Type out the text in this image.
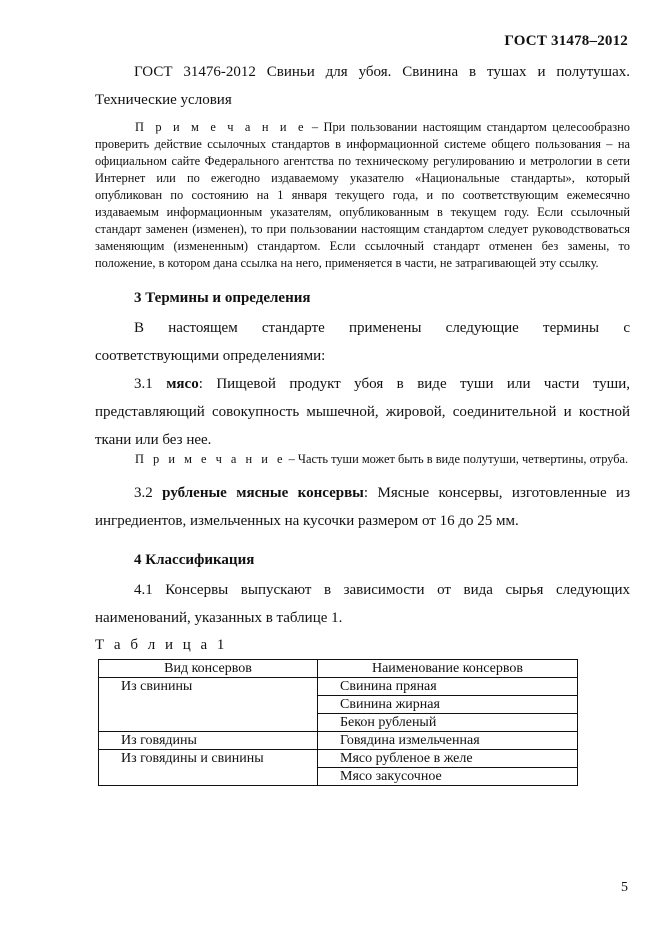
ГОСТ 31478–2012
ГОСТ 31476-2012 Свиньи для убоя. Свинина в тушах и полутушах. Технические условия
П р и м е ч а н и е – При пользовании настоящим стандартом целесообразно проверить действие ссылочных стандартов в информационной системе общего пользования – на официальном сайте Федерального агентства по техническому регулированию и метрологии в сети Интернет или по ежегодно издаваемому указателю «Национальные стандарты», который опубликован по состоянию на 1 января текущего года, и по соответствующим ежемесячно издаваемым информационным указателям, опубликованным в текущем году. Если ссылочный стандарт заменен (изменен), то при пользовании настоящим стандартом следует руководствоваться заменяющим (измененным) стандартом. Если ссылочный стандарт отменен без замены, то положение, в котором дана ссылка на него, применяется в части, не затрагивающей эту ссылку.
3 Термины и определения
В настоящем стандарте применены следующие термины с соответствующими определениями:
3.1 мясо: Пищевой продукт убоя в виде туши или части туши, представляющий совокупность мышечной, жировой, соединительной и костной ткани или без нее.
П р и м е ч а н и е – Часть туши может быть в виде полутуши, четвертины, отруба.
3.2 рубленые мясные консервы: Мясные консервы, изготовленные из ингредиентов, измельченных на кусочки размером от 16 до 25 мм.
4 Классификация
4.1 Консервы выпускают в зависимости от вида сырья следующих наименований, указанных в таблице 1.
Т а б л и ц а 1
Вид консервов	Наименование консервов
Из свинины	Свинина пряная
	Свинина жирная
	Бекон рубленый
Из говядины	Говядина измельченная
Из говядины и свинины	Мясо рубленое в желе
	Мясо закусочное
5
